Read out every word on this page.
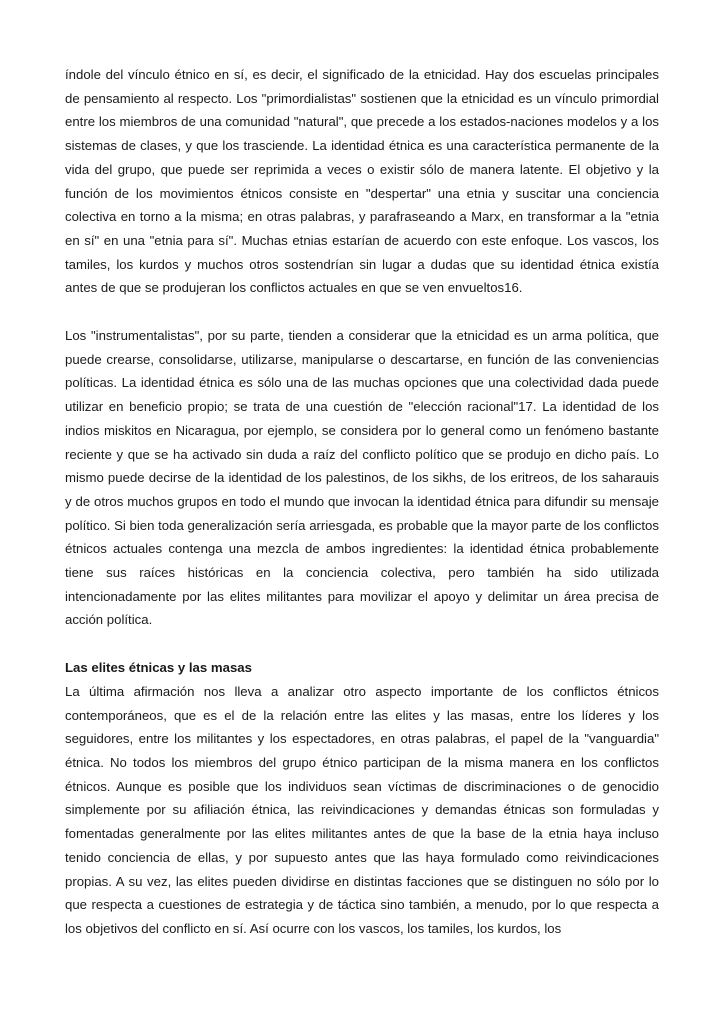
índole del vínculo étnico en sí, es decir, el significado de la etnicidad. Hay dos escuelas principales de pensamiento al respecto. Los "primordialistas" sostienen que la etnicidad es un vínculo primordial entre los miembros de una comunidad "natural", que precede a los estados-naciones modelos y a los sistemas de clases, y que los trasciende. La identidad étnica es una característica permanente de la vida del grupo, que puede ser reprimida a veces o existir sólo de manera latente. El objetivo y la función de los movimientos étnicos consiste en "despertar" una etnia y suscitar una conciencia colectiva en torno a la misma; en otras palabras, y parafraseando a Marx, en transformar a la "etnia en sí" en una "etnia para sí". Muchas etnias estarían de acuerdo con este enfoque. Los vascos, los tamiles, los kurdos y muchos otros sostendrían sin lugar a dudas que su identidad étnica existía antes de que se produjeran los conflictos actuales en que se ven envueltos16.

Los "instrumentalistas", por su parte, tienden a considerar que la etnicidad es un arma política, que puede crearse, consolidarse, utilizarse, manipularse o descartarse, en función de las conveniencias políticas. La identidad étnica es sólo una de las muchas opciones que una colectividad dada puede utilizar en beneficio propio; se trata de una cuestión de "elección racional"17. La identidad de los indios miskitos en Nicaragua, por ejemplo, se considera por lo general como un fenómeno bastante reciente y que se ha activado sin duda a raíz del conflicto político que se produjo en dicho país. Lo mismo puede decirse de la identidad de los palestinos, de los sikhs, de los eritreos, de los saharauis y de otros muchos grupos en todo el mundo que invocan la identidad étnica para difundir su mensaje político. Si bien toda generalización sería arriesgada, es probable que la mayor parte de los conflictos étnicos actuales contenga una mezcla de ambos ingredientes: la identidad étnica probablemente tiene sus raíces históricas en la conciencia colectiva, pero también ha sido utilizada intencionadamente por las elites militantes para movilizar el apoyo y delimitar un área precisa de acción política.

Las elites étnicas y las masas

La última afirmación nos lleva a analizar otro aspecto importante de los conflictos étnicos contemporáneos, que es el de la relación entre las elites y las masas, entre los líderes y los seguidores, entre los militantes y los espectadores, en otras palabras, el papel de la "vanguardia" étnica. No todos los miembros del grupo étnico participan de la misma manera en los conflictos étnicos. Aunque es posible que los individuos sean víctimas de discriminaciones o de genocidio simplemente por su afiliación étnica, las reivindicaciones y demandas étnicas son formuladas y fomentadas generalmente por las elites militantes antes de que la base de la etnia haya incluso tenido conciencia de ellas, y por supuesto antes que las haya formulado como reivindicaciones propias. A su vez, las elites pueden dividirse en distintas facciones que se distinguen no sólo por lo que respecta a cuestiones de estrategia y de táctica sino también, a menudo, por lo que respecta a los objetivos del conflicto en sí. Así ocurre con los vascos, los tamiles, los kurdos, los
